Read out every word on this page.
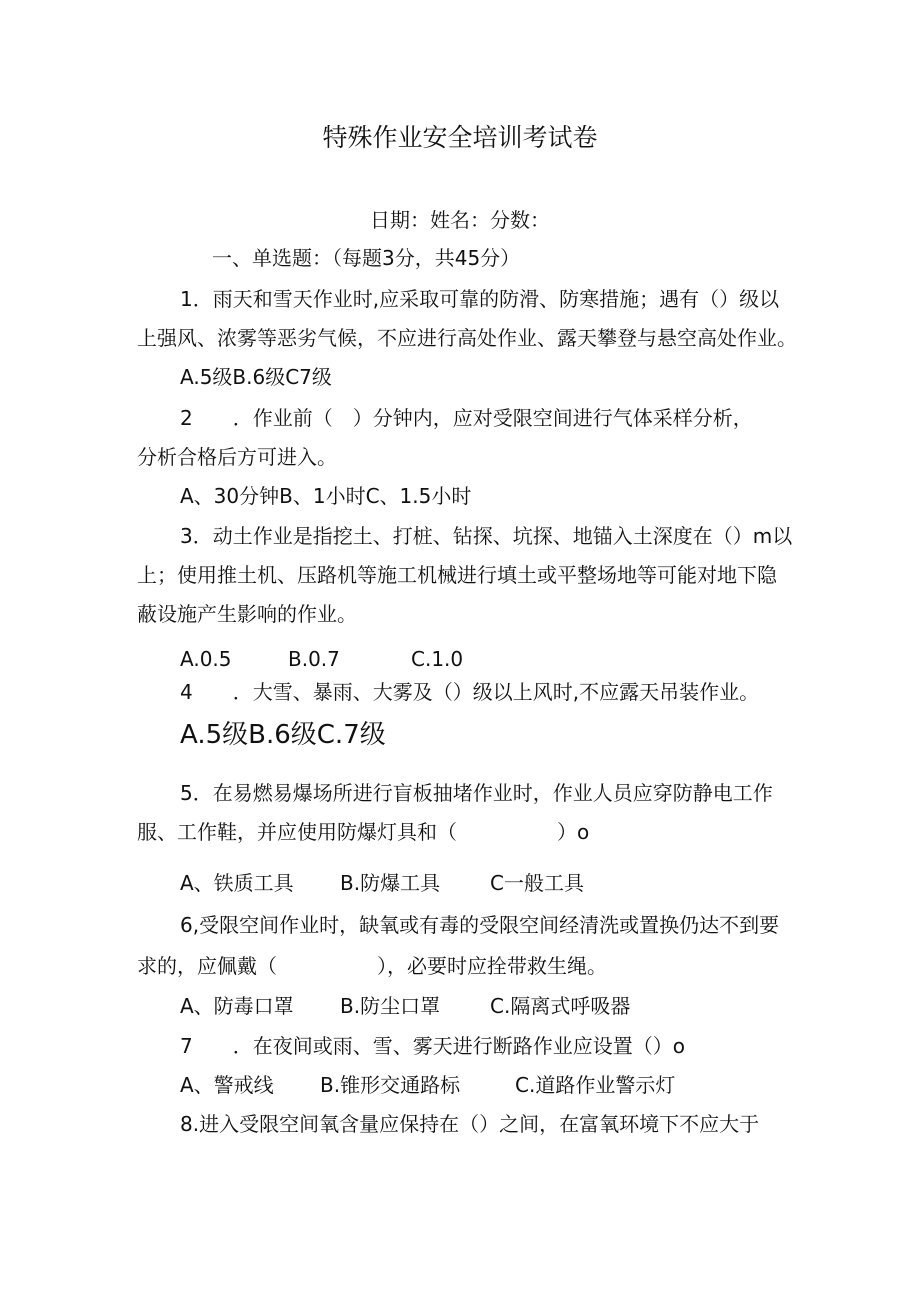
特殊作业安全培训考试卷
日期：姓名：分数：
一、单选题：（每题3分，共45分）
1．雨天和雪天作业时,应采取可靠的防滑、防寒措施；遇有（）级以
上强风、浓雾等恶劣气候，不应进行高处作业、露天攀登与悬空高处作业。
A.5级B.6级C7级
2　　．作业前（　）分钟内，应对受限空间进行气体采样分析，
分析合格后方可进入。
A、30分钟B、1小时C、1.5小时
3．动土作业是指挖土、打桩、钻探、坑探、地锚入土深度在（）m以
上；使用推土机、压路机等施工机械进行填土或平整场地等可能对地下隐
蔽设施产生影响的作业。
A.0.5	B.0.7	C.1.0
4　　．大雪、暴雨、大雾及（）级以上风时,不应露天吊装作业。
A.5级B.6级C.7级
5．在易燃易爆场所进行盲板抽堵作业时，作业人员应穿防静电工作
服、工作鞋，并应使用防爆灯具和（　　　　　）o
A、铁质工具 B.防爆工具 C一般工具
6,受限空间作业时，缺氧或有毒的受限空间经清洗或置换仍达不到要
求的，应佩戴（　　　　　），必要时应拴带救生绳。
A、防毒口罩 B.防尘口罩 C.隔离式呼吸器
7　　．在夜间或雨、雪、雾天进行断路作业应设置（）o
A、警戒线 B.锥形交通路标	C.道路作业警示灯
8.进入受限空间氧含量应保持在（）之间，在富氧环境下不应大于
